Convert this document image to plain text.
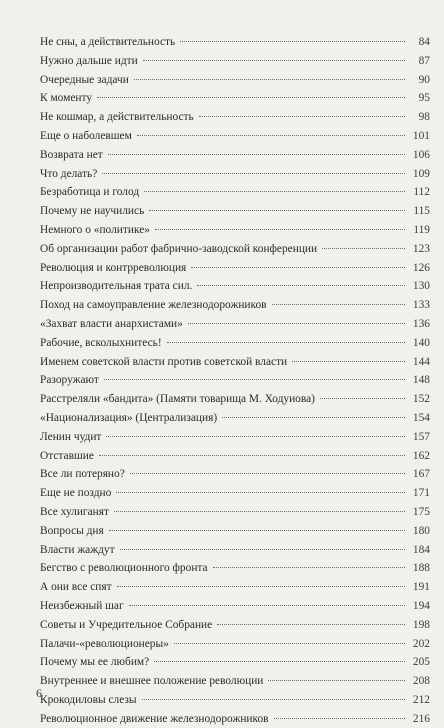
Не сны, а действительность	84
Нужно дальше идти	87
Очередные задачи	90
К моменту	95
Не кошмар, а действительность	98
Еще о наболевшем	101
Возврата нет	106
Что делать?	109
Безработица и голод	112
Почему не научились	115
Немного о «политике»	119
Об организации работ фабрично-заводской конференции	123
Революция и контрреволюция	126
Непроизводительная трата сил.	130
Поход на самоуправление железнодорожников	133
«Захват власти анархистами»	136
Рабочие, всколыхнитесь!	140
Именем советской власти против советской власти	144
Разоружают	148
Расстреляли «бандита» (Памяти товарища М. Ходуиова)	152
«Национализация» (Централизация)	154
Ленин чудит	157
Отставшие	162
Все ли потеряно?	167
Еще не поздно	171
Все хулиганят	175
Вопросы дня	180
Власти жаждут	184
Бегство с революционного фронта	188
А они все спят	191
Неизбежный шаг	194
Советы и Учредительное Собрание	198
Палачи-«революционеры»	202
Почему мы ее любим?	205
Внутреннее и внешнее положение революции	208
Крокодиловы слезы	212
Революционное движение железнодорожников	216
6
